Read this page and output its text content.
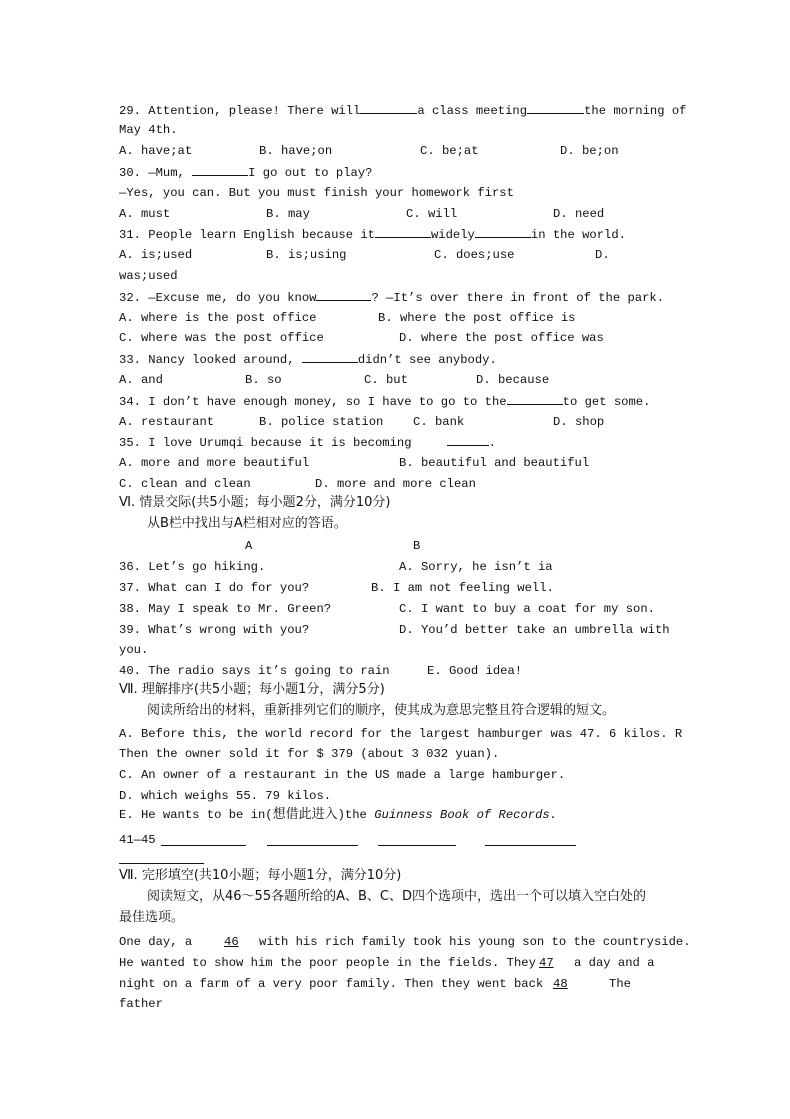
29. Attention, please! There will	a class meeting	the morning of
May 4th.
A. have;at	B. have;on	C. be;at	D. be;on
30. —Mum,	I go out to play?
—Yes, you can. But you must finish your homework first
A. must	B. may	C. will	D. need
31. People learn English because it	widely	in the world.
A. is;used	B. is;using	C. does;use	D.
was;used
32. —Excuse me, do you know	? —It’s over there in front of the park.
A. where is the post office	B. where the post office is
C. where was the post office	D. where the post office was
33. Nancy looked around,	didn’t see anybody.
A. and	B. so	C. but	D. because
34. I don’t have enough money, so I have to go to the	to get some.
A. restaurant	B. police station C. bank	D. shop
35. I love Urumqi because it is becoming	.
A. more and more beautiful	B. beautiful and beautiful
C. clean and clean	D. more and more clean
Ⅵ. 情景交际(共5小题；每小题2分，满分10分)
从B栏中找出与A栏相对应的答语。
A	B
36. Let’s go hiking.	A. Sorry, he isn’t ia
37. What can I do for you?	B. I am not feeling well.
38. May I speak to Mr. Green?	C. I want to buy a coat for my son.
39. What’s wrong with you?	D. You’d better take an umbrella with
you.
40. The radio says it’s going to rain	E. Good idea!
Ⅶ. 理解排序(共5小题；每小题1分，满分5分)
阅读所给出的材料，重新排列它们的顺序，使其成为意思完整且符合逻辑的短文。
A. Before this, the world record for the largest hamburger was 47. 6 kilos. R
Then the owner sold it for $ 379 (about 3 032 yuan).
C. An owner of a restaurant in the US made a large hamburger.
D. which weighs 55. 79 kilos.
E. He wants to be in(想借此进入)the Guinness Book of Records.
41—45
Ⅶ. 完形填空(共10小题；每小题1分，满分10分)
阅读短文，从46～55各题所给的A、B、C、D四个选项中，选出一个可以填入空白处的
最佳选项。
One day, a	46 with his rich family took his young son to the countryside.
He wanted to show him the poor people in the fields. They 47 a day and a
night on a farm of a very poor family. Then they went back 48	The
father
